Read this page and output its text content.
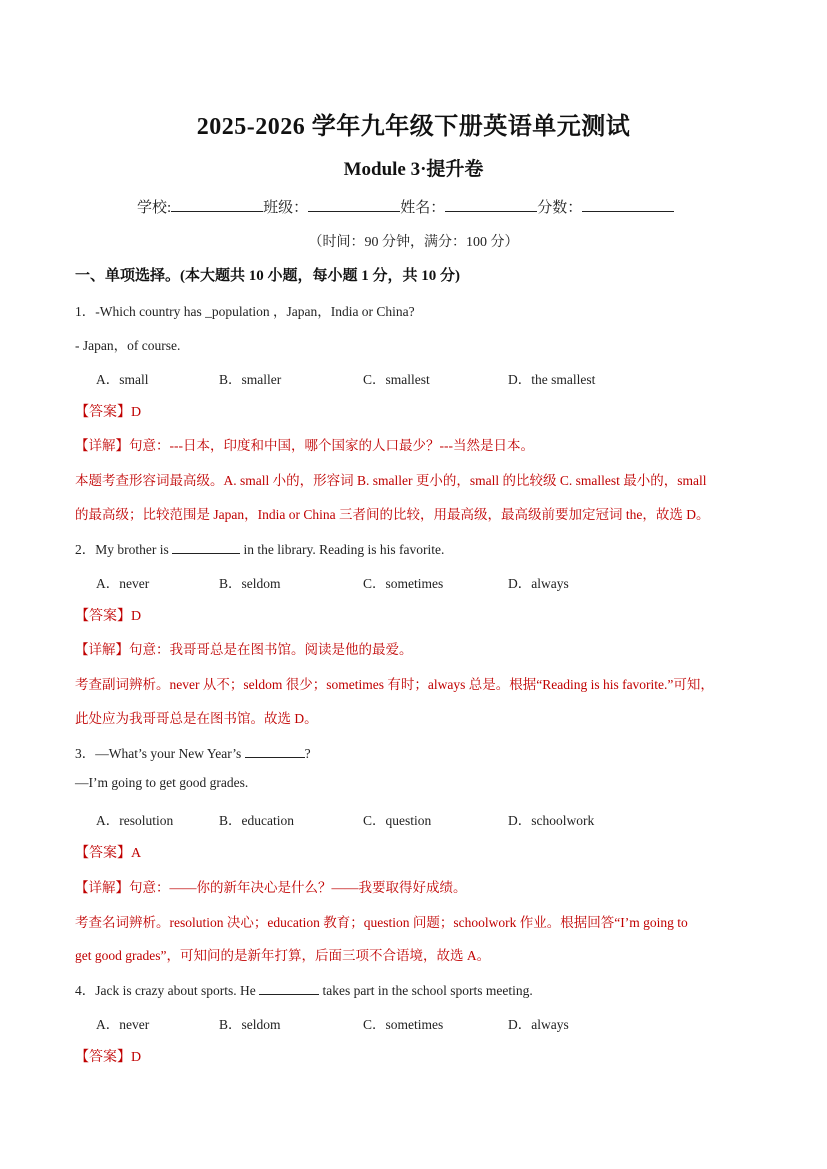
2025-2026 学年九年级下册英语单元测试
Module 3·提升卷
学校:	班级：	姓名：	分数：
（时间：90 分钟，满分：100 分）
一、单项选择。(本大题共 10 小题，每小题 1 分，共 10 分)
1．-Which country has _population ，Japan，India or China?
- Japan，of course.
A．small	B．smaller	C．smallest	D．the smallest
【答案】D
【详解】句意：---日本，印度和中国，哪个国家的人口最少？---当然是日本。
本题考查形容词最高级。A. small 小的，形容词 B. smaller 更小的，small 的比较级 C. smallest 最小的，small
的最高级；比较范围是 Japan，India or China 三者间的比较，用最高级，最高级前要加定冠词 the，故选 D。
2．My brother is	in the library. Reading is his favorite.
A．never	B．seldom	C．sometimes	D．always
【答案】D
【详解】句意：我哥哥总是在图书馆。阅读是他的最爱。
考查副词辨析。never 从不；seldom 很少；sometimes 有时；always 总是。根据“Reading is his favorite.”可知，
此处应为我哥哥总是在图书馆。故选 D。
3．—What’s your New Year’s	?
—I’m going to get good grades.
A．resolution	B．education	C．question	D．schoolwork
【答案】A
【详解】句意：——你的新年决心是什么？——我要取得好成绩。
考查名词辨析。resolution 决心；education 教育；question 问题；schoolwork 作业。根据回答“I’m going to
get good grades”，可知问的是新年打算，后面三项不合语境，故选 A。
4．Jack is crazy about sports. He	takes part in the school sports meeting.
A．never	B．seldom	C．sometimes	D．always
【答案】D
